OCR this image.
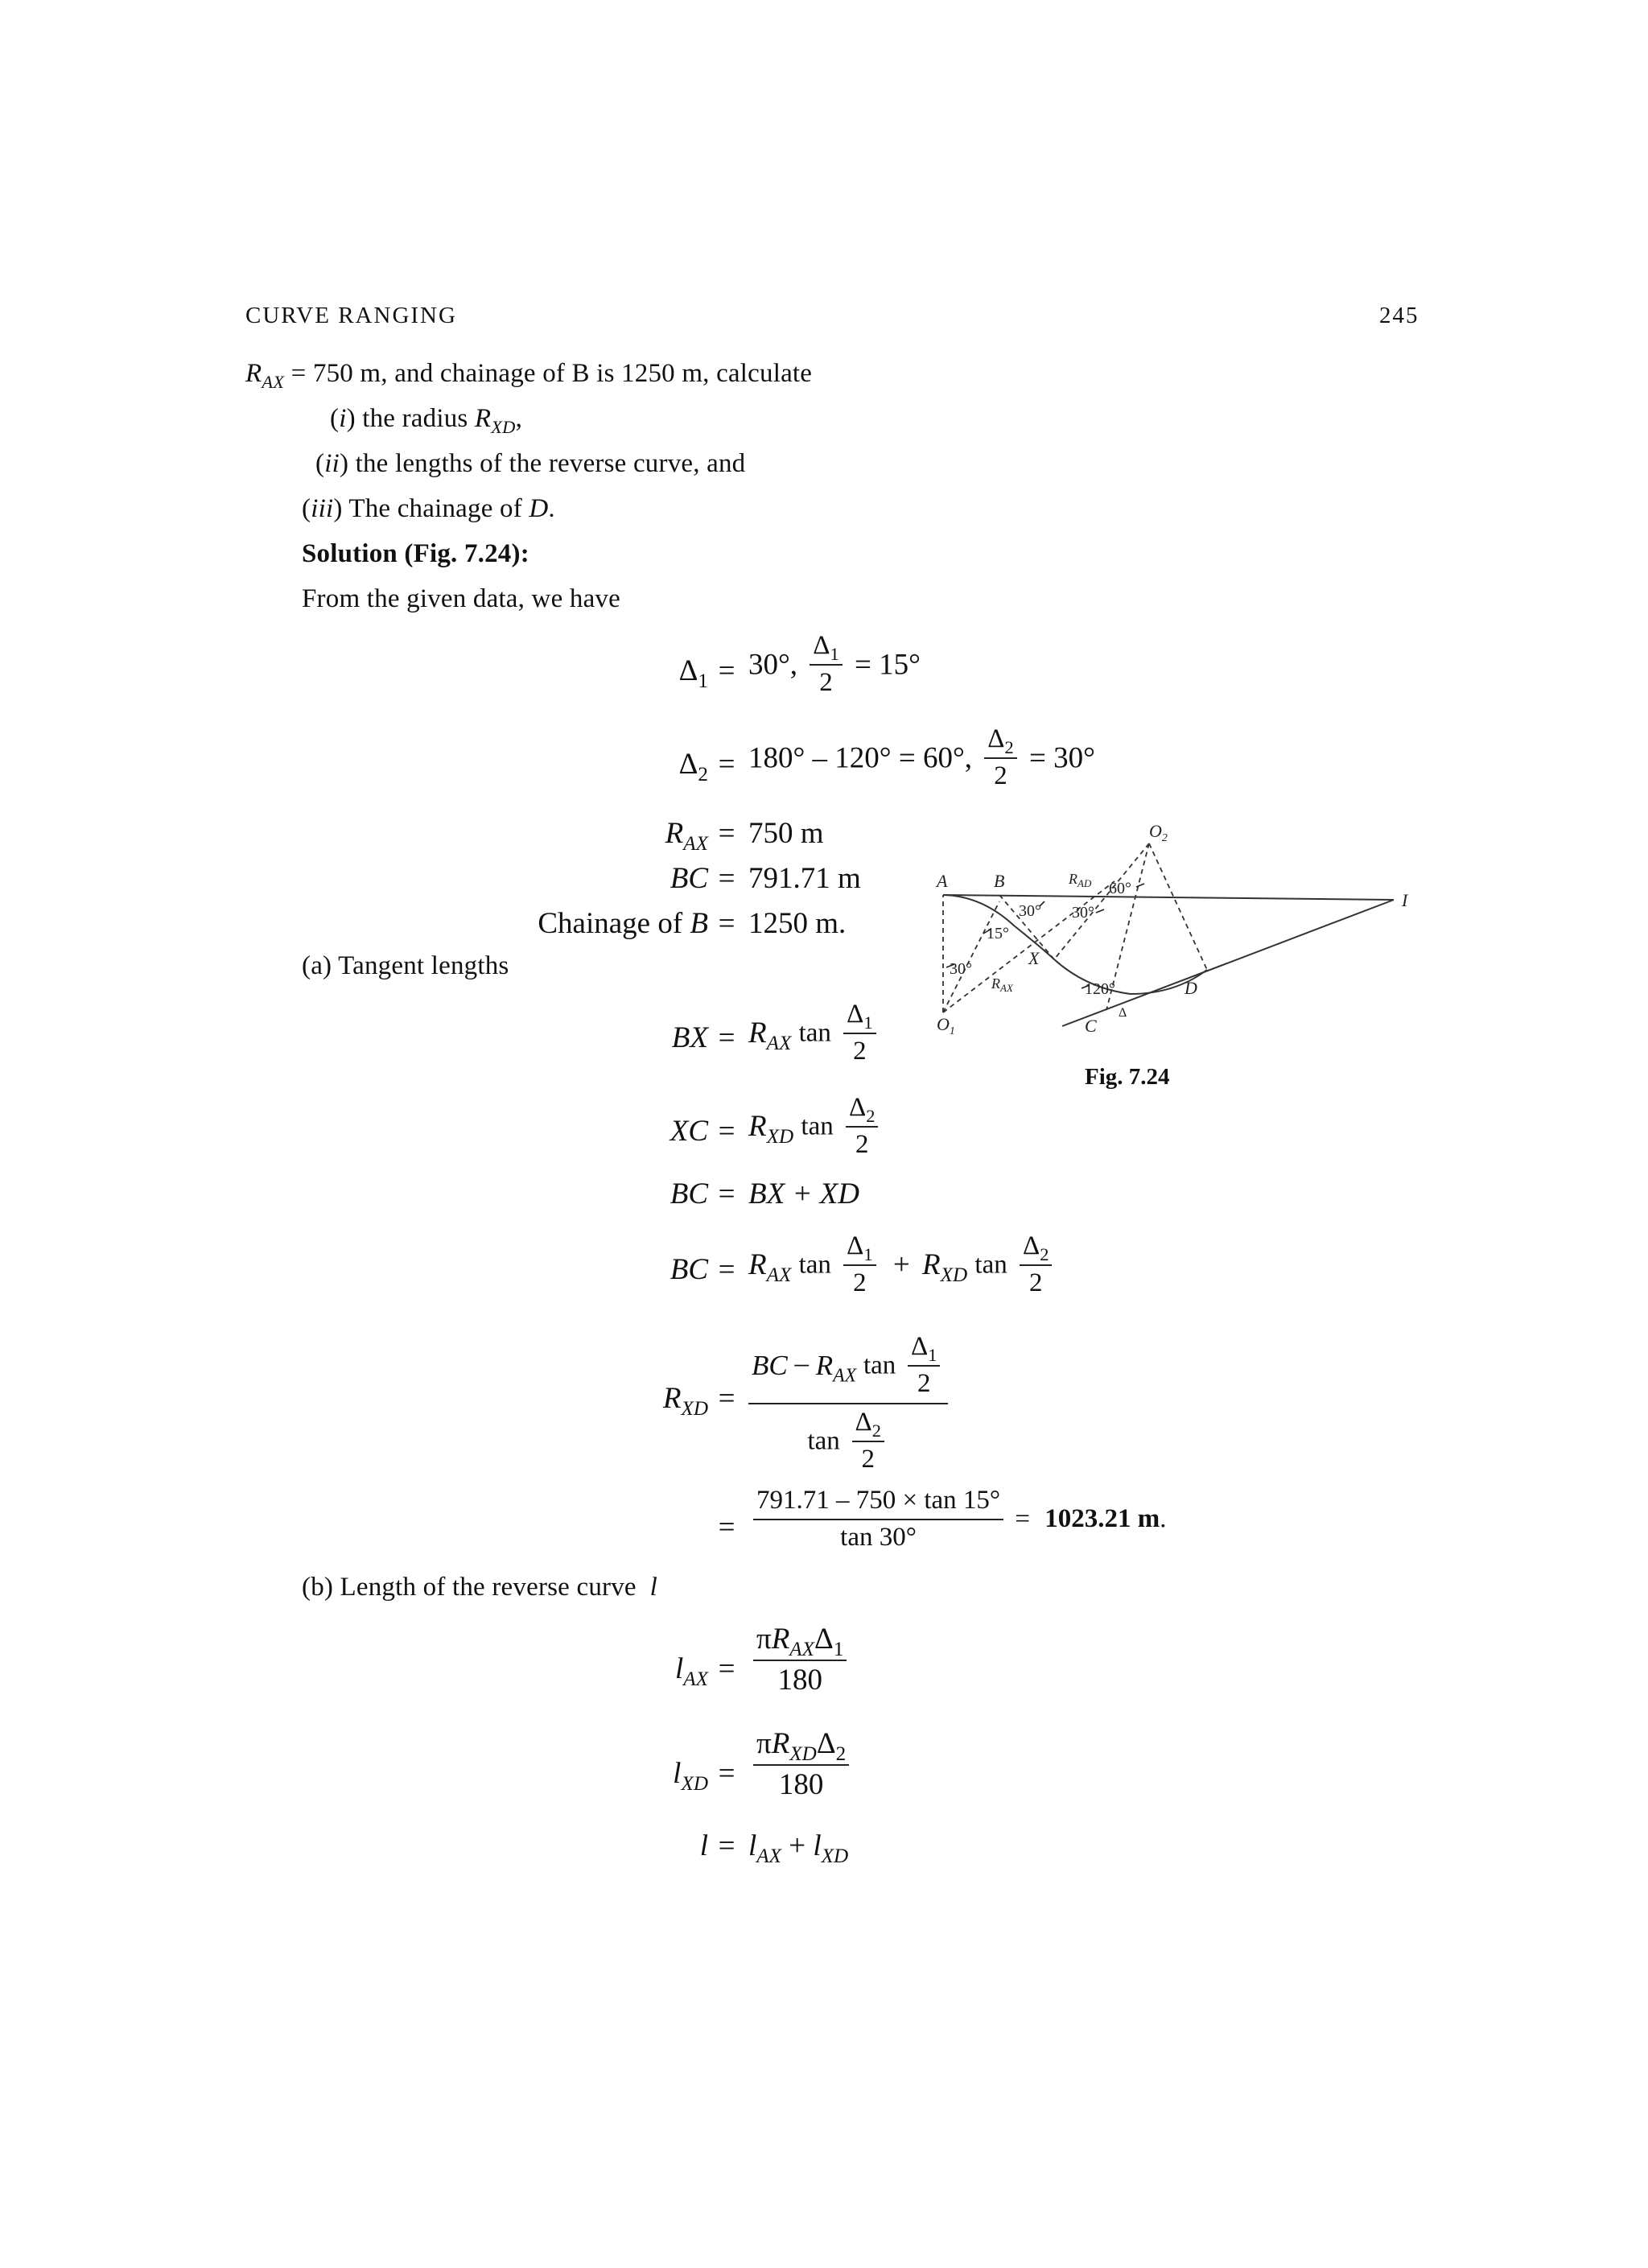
CURVE RANGING	245
$R_{AX} = 750$ m, and chainage of B is 1250 m, calculate
(i) the radius $R_{XD}$,
(ii) the lengths of the reverse curve, and
(iii) The chainage of D.
Solution (Fig. 7.24):
From the given data, we have
$\Delta_1 = 30^\circ$, $\frac{\Delta_1}{2} = 15^\circ$
$\Delta_2 = 180^\circ - 120^\circ = 60^\circ$, $\frac{\Delta_2}{2} = 30^\circ$
$R_{AX} = 750$ m
BC = 791.71 m
Chainage of B = 1250 m.
(a) Tangent lengths
BX = $R_{AX}$ $\tan \frac{\Delta_1}{2}$
XC = $R_{XD}$ $\tan \frac{\Delta_2}{2}$
BC = BX + XD
BC = $R_{AX}$ $\tan \frac{\Delta_1}{2} + R_{XD}$ $\tan \frac{\Delta_2}{2}$
$R_{XD}$ =
BC – $R_{AX}$ $\tan \frac{\Delta_1}{2}$
$\tan \frac{\Delta_2}{2}$
= $\frac{791.71 - 750 \times \tan 15^\circ}{\tan 30^\circ} = 1023.21$ m.
(b) Length of the reverse curve l
$l_{AX} = \frac{\pi R_{AX}\Delta_1}{180}$
$l_{XD} = \frac{\pi R_{XD}\Delta_2}{180}$
$l = l_{AX} + l_{XD}$
A	B
X
C
D
I
$O_1$
$O_2$
$R_{AX}$
$R_{AD}$
15°
30°
30° 30°
60°
120°
Δ
Fig. 7.24
